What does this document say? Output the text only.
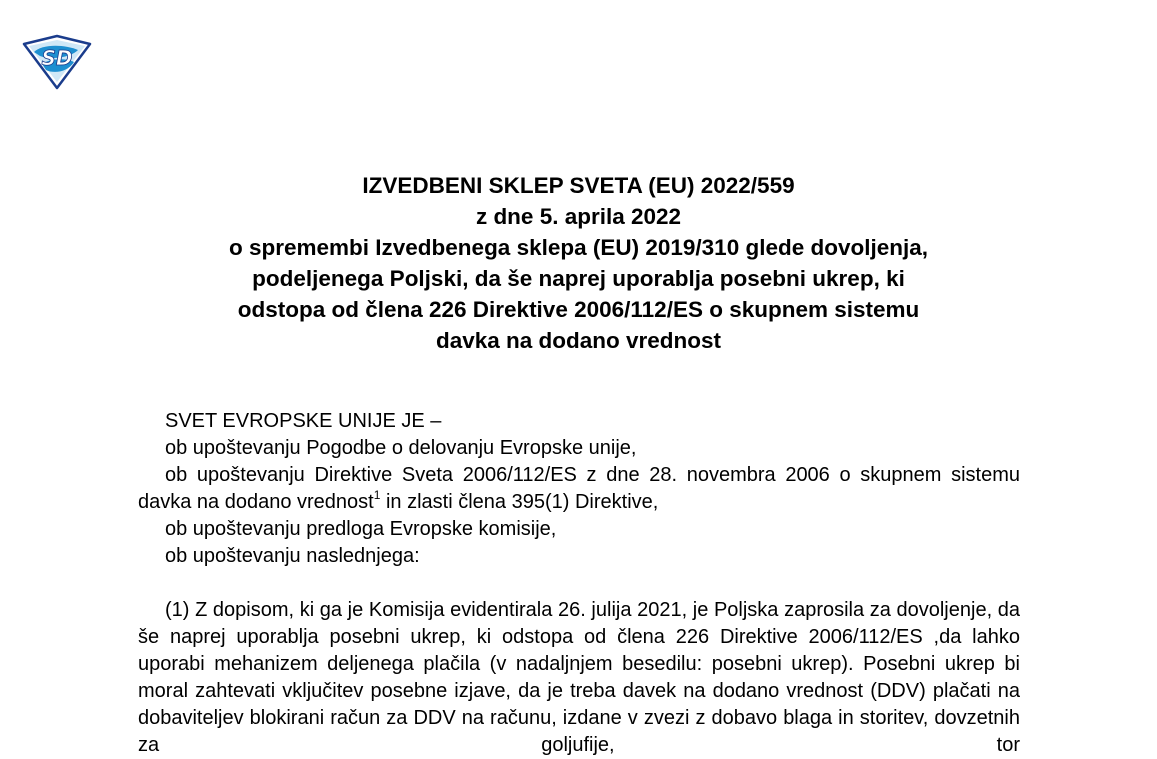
SD
IZVEDBENI SKLEP SVETA (EU) 2022/559
z dne 5. aprila 2022
o spremembi Izvedbenega sklepa (EU) 2019/310 glede dovoljenja,
podeljenega Poljski, da še naprej uporablja posebni ukrep, ki
odstopa od člena 226 Direktive 2006/112/ES o skupnem sistemu
davka na dodano vrednost

SVET EVROPSKE UNIJE JE –

ob upoštevanju Pogodbe o delovanju Evropske unije,

ob upoštevanju Direktive Sveta 2006/112/ES z dne 28. novembra 2006 o skupnem sistemu davka na dodano vrednost$^1$ in zlasti člena 395(1) Direktive,

ob upoštevanju predloga Evropske komisije,

ob upoštevanju naslednjega:

(1) Z dopisom, ki ga je Komisija evidentirala 26. julija 2021, je Poljska zaprosila za dovoljenje, da še naprej uporablja posebni ukrep, ki odstopa od člena 226 Direktive 2006/112/ES ,da lahko uporabi mehanizem deljenega plačila (v nadaljnjem besedilu: posebni ukrep). Posebni ukrep bi moral zahtevati vključitev posebne izjave, da je treba davek na dodano vrednost (DDV) plačati na dobaviteljev blokirani račun za DDV na računu, izdane v zvezi z dobavo blaga in storitev, dovzetnih za goljufije, tor
